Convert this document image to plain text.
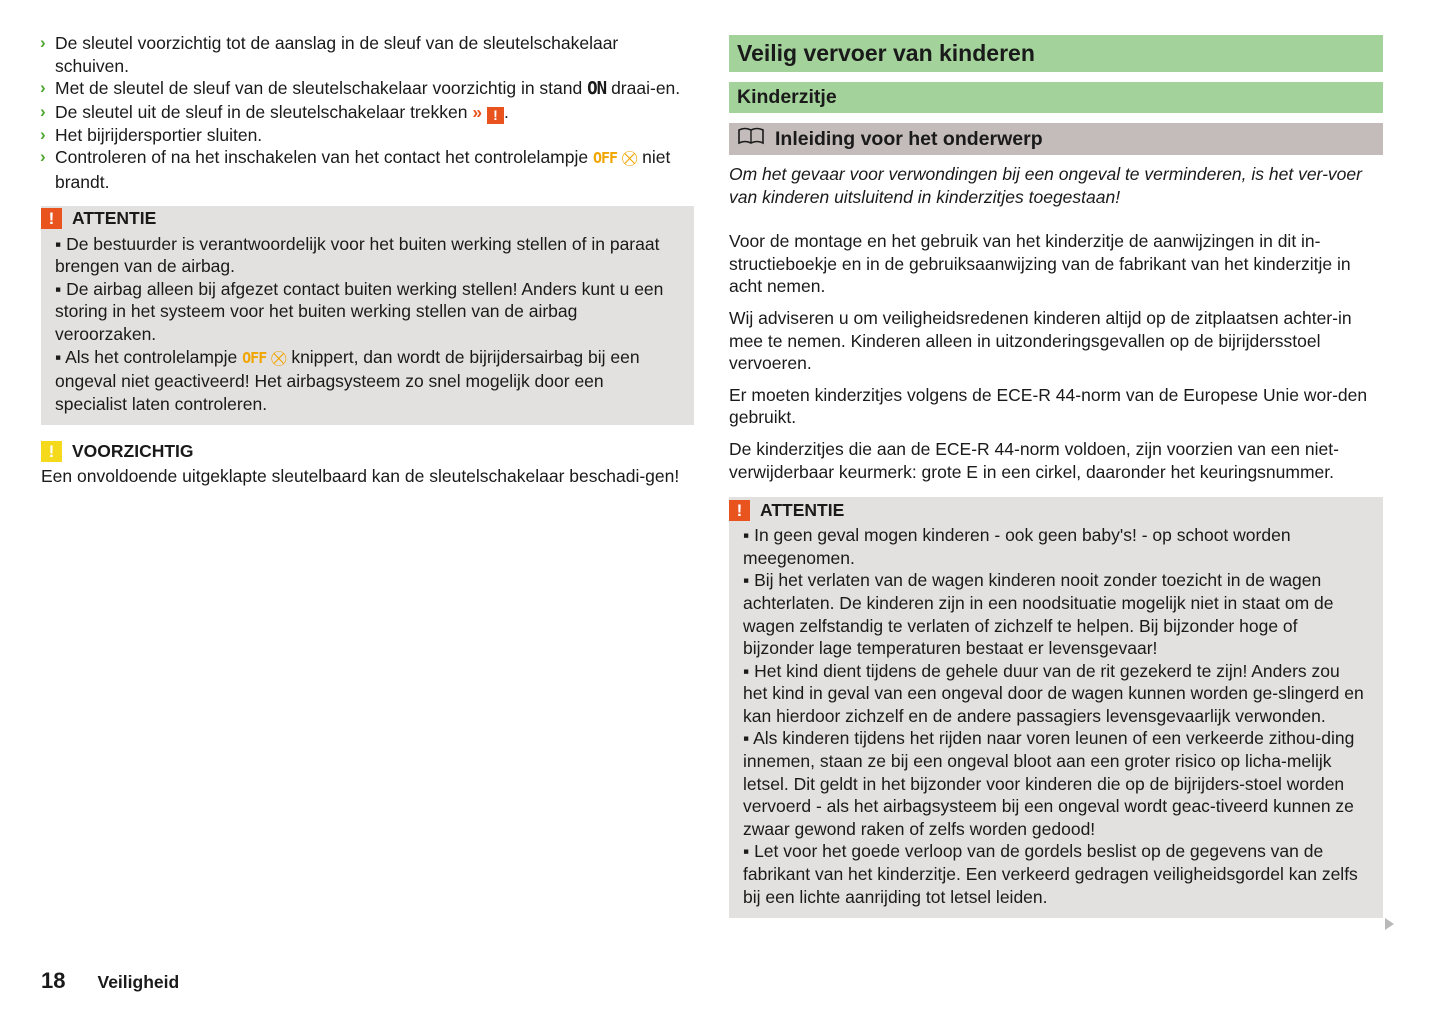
› De sleutel voorzichtig tot de aanslag in de sleuf van de sleutelschakelaar schuiven.
› Met de sleutel de sleuf van de sleutelschakelaar voorzichtig in stand ON draai-en.
› De sleutel uit de sleuf in de sleutelschakelaar trekken » ! .
› Het bijrijdersportier sluiten.
› Controleren of na het inschakelen van het contact het controlelampje OFF ⛒ niet brandt.
!	ATTENTIE
▪ De bestuurder is verantwoordelijk voor het buiten werking stellen of in paraat brengen van de airbag.
▪ De airbag alleen bij afgezet contact buiten werking stellen! Anders kunt u een storing in het systeem voor het buiten werking stellen van de airbag veroorzaken.
▪ Als het controlelampje OFF ⛒ knippert, dan wordt de bijrijdersairbag bij een ongeval niet geactiveerd! Het airbagsysteem zo snel mogelijk door een specialist laten controleren.
!	VOORZICHTIG
Een onvoldoende uitgeklapte sleutelbaard kan de sleutelschakelaar beschadi-gen!
Veilig vervoer van kinderen
Kinderzitje
Inleiding voor het onderwerp
Om het gevaar voor verwondingen bij een ongeval te verminderen, is het ver-voer van kinderen uitsluitend in kinderzitjes toegestaan!
Voor de montage en het gebruik van het kinderzitje de aanwijzingen in dit in-structieboekje en in de gebruiksaanwijzing van de fabrikant van het kinderzitje in acht nemen.
Wij adviseren u om veiligheidsredenen kinderen altijd op de zitplaatsen achter-in mee te nemen. Kinderen alleen in uitzonderingsgevallen op de bijrijdersstoel vervoeren.
Er moeten kinderzitjes volgens de ECE-R 44-norm van de Europese Unie wor-den gebruikt.
De kinderzitjes die aan de ECE-R 44-norm voldoen, zijn voorzien van een niet-verwijderbaar keurmerk: grote E in een cirkel, daaronder het keuringsnummer.
!	ATTENTIE
▪ In geen geval mogen kinderen - ook geen baby's! - op schoot worden meegenomen.
▪ Bij het verlaten van de wagen kinderen nooit zonder toezicht in de wagen achterlaten. De kinderen zijn in een noodsituatie mogelijk niet in staat om de wagen zelfstandig te verlaten of zichzelf te helpen. Bij bijzonder hoge of bijzonder lage temperaturen bestaat er levensgevaar!
▪ Het kind dient tijdens de gehele duur van de rit gezekerd te zijn! Anders zou het kind in geval van een ongeval door de wagen kunnen worden ge-slingerd en kan hierdoor zichzelf en de andere passagiers levensgevaarlijk verwonden.
▪ Als kinderen tijdens het rijden naar voren leunen of een verkeerde zithou-ding innemen, staan ze bij een ongeval bloot aan een groter risico op licha-melijk letsel. Dit geldt in het bijzonder voor kinderen die op de bijrijders-stoel worden vervoerd - als het airbagsysteem bij een ongeval wordt geac-tiveerd kunnen ze zwaar gewond raken of zelfs worden gedood!
▪ Let voor het goede verloop van de gordels beslist op de gegevens van de fabrikant van het kinderzitje. Een verkeerd gedragen veiligheidsgordel kan zelfs bij een lichte aanrijding tot letsel leiden.
18 Veiligheid
